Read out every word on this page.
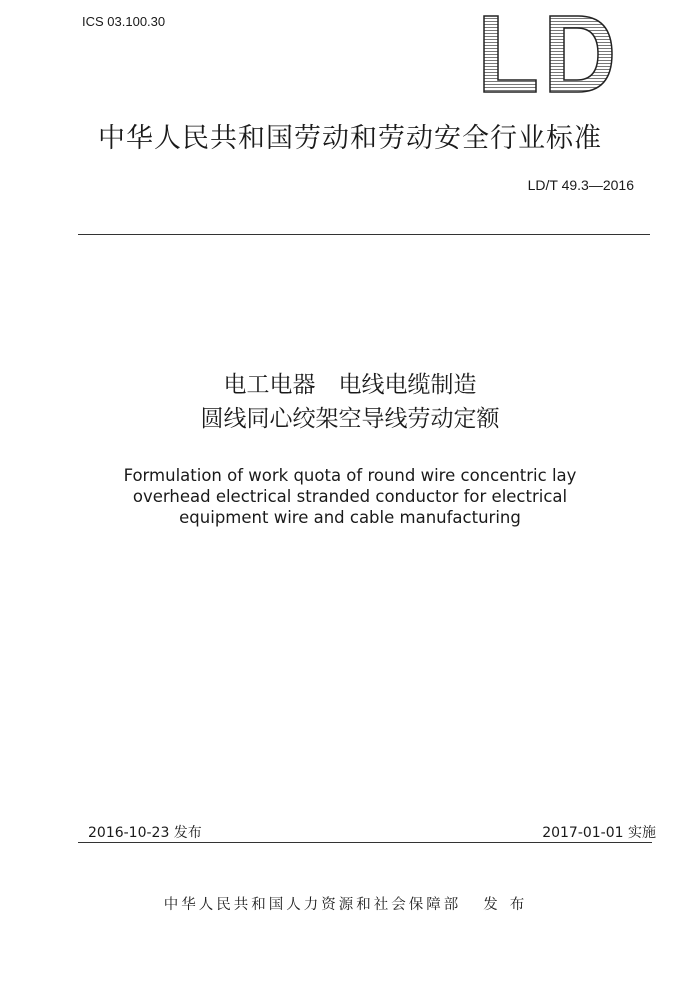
ICS 03.100.30
中华人民共和国劳动和劳动安全行业标准
LD/T 49.3—2016
电工电器　电线电缆制造
圆线同心绞架空导线劳动定额
Formulation of work quota of round wire concentric lay
overhead electrical stranded conductor for electrical
equipment wire and cable manufacturing
2016-10-23 发布	2017-01-01 实施
中华人民共和国人力资源和社会保障部 发布
